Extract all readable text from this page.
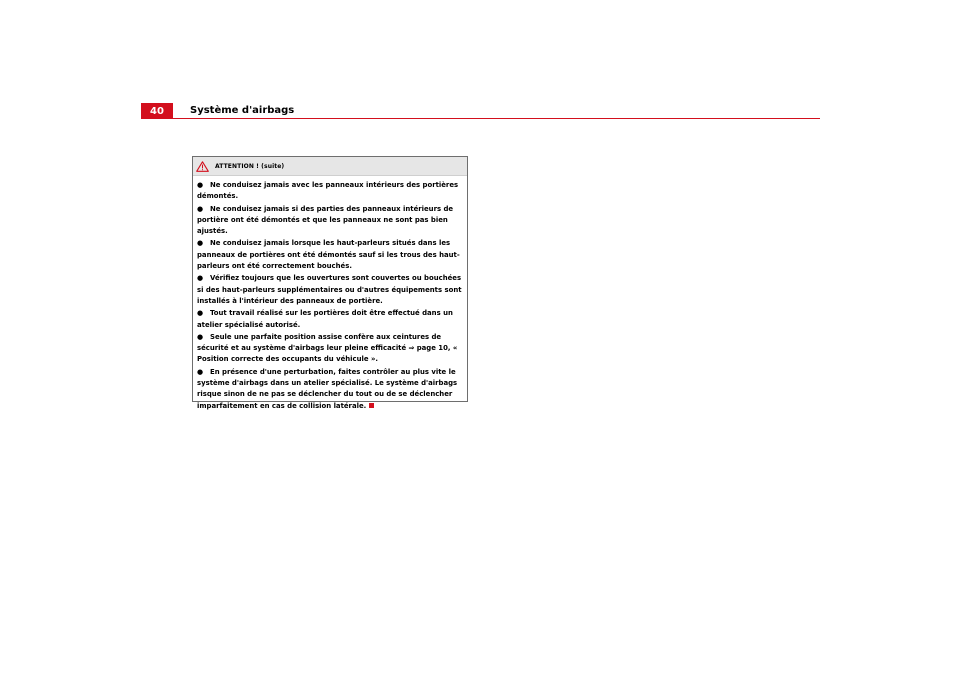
40	Système d'airbags
ATTENTION ! (suite)
● Ne conduisez jamais avec les panneaux intérieurs des portières démontés.
● Ne conduisez jamais si des parties des panneaux intérieurs de portière ont été démontés et que les panneaux ne sont pas bien ajustés.
● Ne conduisez jamais lorsque les haut-parleurs situés dans les panneaux de portières ont été démontés sauf si les trous des haut-parleurs ont été correctement bouchés.
● Vérifiez toujours que les ouvertures sont couvertes ou bouchées si des haut-parleurs supplémentaires ou d'autres équipements sont installés à l'intérieur des panneaux de portière.
● Tout travail réalisé sur les portières doit être effectué dans un atelier spécialisé autorisé.
● Seule une parfaite position assise confère aux ceintures de sécurité et au système d'airbags leur pleine efficacité ⇒ page 10, « Position correcte des occupants du véhicule ».
● En présence d'une perturbation, faites contrôler au plus vite le système d'airbags dans un atelier spécialisé. Le système d'airbags risque sinon de ne pas se déclencher du tout ou de se déclencher imparfaitement en cas de collision latérale.
